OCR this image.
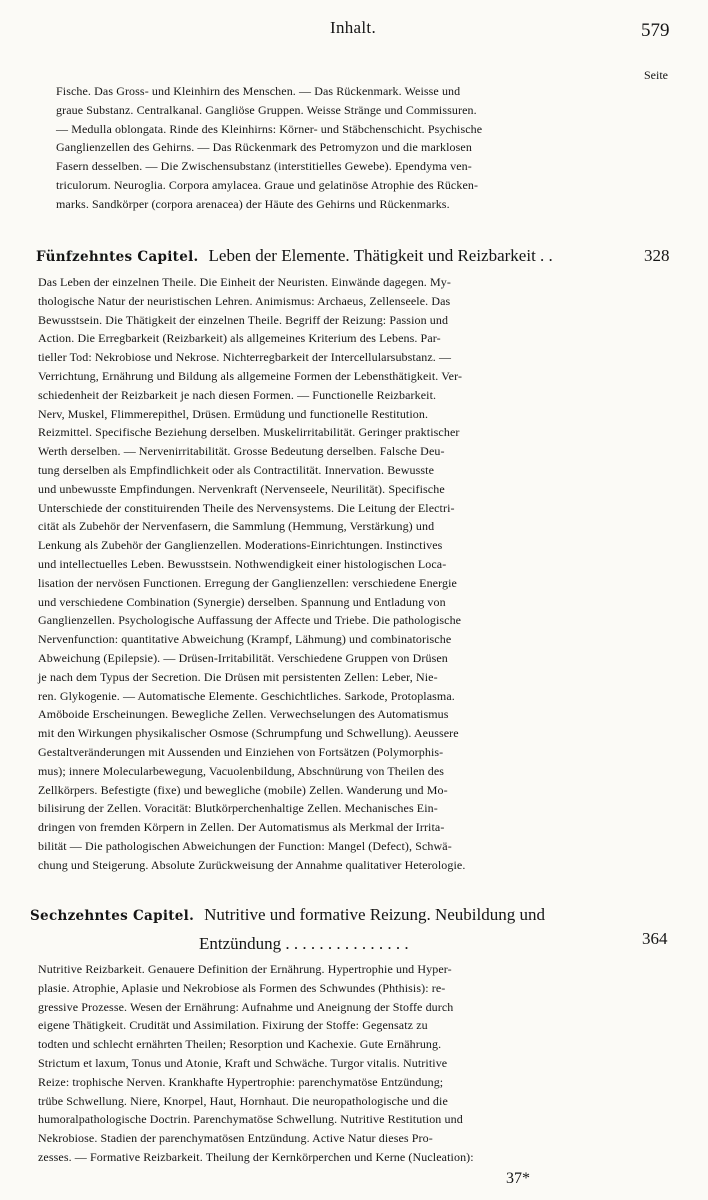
Inhalt.	579
Seite
Fische. Das Gross- und Kleinhirn des Menschen. — Das Rückenmark. Weisse und
graue Substanz. Centralkanal. Gangliöse Gruppen. Weisse Stränge und Commissuren.
— Medulla oblongata. Rinde des Kleinhirns: Körner- und Stäbchenschicht. Psychische
Ganglienzellen des Gehirns. — Das Rückenmark des Petromyzon und die marklosen
Fasern desselben. — Die Zwischensubstanz (interstitielles Gewebe). Ependyma ven-
triculorum. Neuroglia. Corpora amylacea. Graue und gelatinöse Atrophie des Rücken-
marks. Sandkörper (corpora arenacea) der Häute des Gehirns und Rückenmarks.
Fünfzehntes Capitel. Leben der Elemente. Thätigkeit und Reizbarkeit . .	328
Das Leben der einzelnen Theile. Die Einheit der Neuristen. Einwände dagegen. My-
thologische Natur der neuristischen Lehren. Animismus: Archaeus, Zellenseele. Das
Bewusstsein. Die Thätigkeit der einzelnen Theile. Begriff der Reizung: Passion und
Action. Die Erregbarkeit (Reizbarkeit) als allgemeines Kriterium des Lebens. Par-
tieller Tod: Nekrobiose und Nekrose. Nichterregbarkeit der Intercellularsubstanz. —
Verrichtung, Ernährung und Bildung als allgemeine Formen der Lebensthätigkeit. Ver-
schiedenheit der Reizbarkeit je nach diesen Formen. — Functionelle Reizbarkeit.
Nerv, Muskel, Flimmerepithel, Drüsen. Ermüdung und functionelle Restitution.
Reizmittel. Specifische Beziehung derselben. Muskelirritabilität. Geringer praktischer
Werth derselben. — Nervenirritabilität. Grosse Bedeutung derselben. Falsche Deu-
tung derselben als Empfindlichkeit oder als Contractilität. Innervation. Bewusste
und unbewusste Empfindungen. Nervenkraft (Nervenseele, Neurilität). Specifische
Unterschiede der constituirenden Theile des Nervensystems. Die Leitung der Electri-
cität als Zubehör der Nervenfasern, die Sammlung (Hemmung, Verstärkung) und
Lenkung als Zubehör der Ganglienzellen. Moderations-Einrichtungen. Instinctives
und intellectuelles Leben. Bewusstsein. Nothwendigkeit einer histologischen Loca-
lisation der nervösen Functionen. Erregung der Ganglienzellen: verschiedene Energie
und verschiedene Combination (Synergie) derselben. Spannung und Entladung von
Ganglienzellen. Psychologische Auffassung der Affecte und Triebe. Die pathologische
Nervenfunction: quantitative Abweichung (Krampf, Lähmung) und combinatorische
Abweichung (Epilepsie). — Drüsen-Irritabilität. Verschiedene Gruppen von Drüsen
je nach dem Typus der Secretion. Die Drüsen mit persistenten Zellen: Leber, Nie-
ren. Glykogenie. — Automatische Elemente. Geschichtliches. Sarkode, Protoplasma.
Amöboide Erscheinungen. Bewegliche Zellen. Verwechselungen des Automatismus
mit den Wirkungen physikalischer Osmose (Schrumpfung und Schwellung). Aeussere
Gestaltveränderungen mit Aussenden und Einziehen von Fortsätzen (Polymorphis-
mus); innere Molecularbewegung, Vacuolenbildung, Abschnürung von Theilen des
Zellkörpers. Befestigte (fixe) und bewegliche (mobile) Zellen. Wanderung und Mo-
bilisirung der Zellen. Voracität: Blutkörperchenhaltige Zellen. Mechanisches Ein-
dringen von fremden Körpern in Zellen. Der Automatismus als Merkmal der Irrita-
bilität — Die pathologischen Abweichungen der Function: Mangel (Defect), Schwä-
chung und Steigerung. Absolute Zurückweisung der Annahme qualitativer Heterologie.
Sechzehntes Capitel. Nutritive und formative Reizung. Neubildung und
Entzündung . . . . . . . . . . . . . . .	364
Nutritive Reizbarkeit. Genauere Definition der Ernährung. Hypertrophie und Hyper-
plasie. Atrophie, Aplasie und Nekrobiose als Formen des Schwundes (Phthisis): re-
gressive Prozesse. Wesen der Ernährung: Aufnahme und Aneignung der Stoffe durch
eigene Thätigkeit. Crudität und Assimilation. Fixirung der Stoffe: Gegensatz zu
todten und schlecht ernährten Theilen; Resorption und Kachexie. Gute Ernährung.
Strictum et laxum, Tonus und Atonie, Kraft und Schwäche. Turgor vitalis. Nutritive
Reize: trophische Nerven. Krankhafte Hypertrophie: parenchymatöse Entzündung;
trübe Schwellung. Niere, Knorpel, Haut, Hornhaut. Die neuropathologische und die
humoralpathologische Doctrin. Parenchymatöse Schwellung. Nutritive Restitution und
Nekrobiose. Stadien der parenchymatösen Entzündung. Active Natur dieses Pro-
zesses. — Formative Reizbarkeit. Theilung der Kernkörperchen und Kerne (Nucleation):
37*
